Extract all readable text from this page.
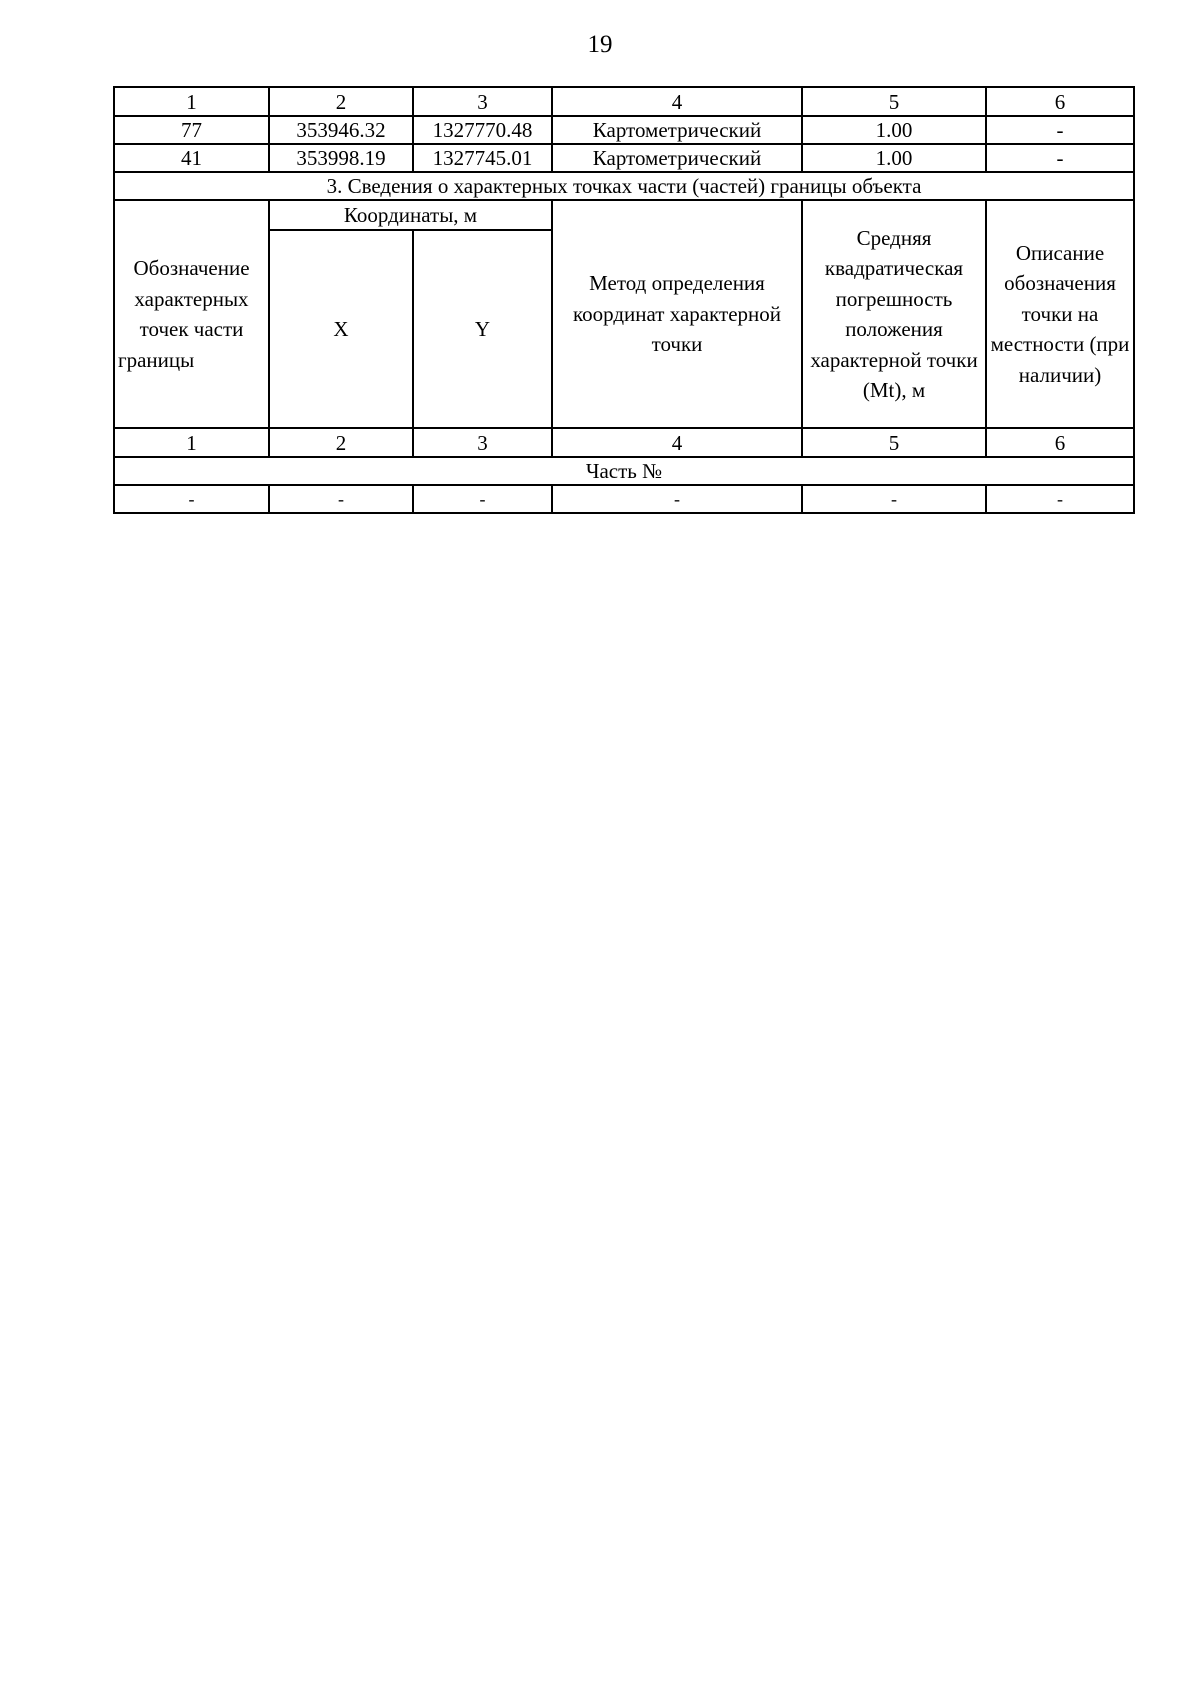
19
1	2	3	4	5	6
77	353946.32	1327770.48	Картометрический	1.00	-
41	353998.19	1327745.01	Картометрический	1.00	-
3. Сведения о характерных точках части (частей) границы объекта					
Обозначение характерных точек части границы	Координаты, м		Метод определения координат характерной точки	Средняя квадратическая погрешность положения характерной точки (Mt), м	Описание обозначения точки на местности (при наличии)
	X	Y			
1	2	3	4	5	6
Часть №					
-	-	-	-	-	-
